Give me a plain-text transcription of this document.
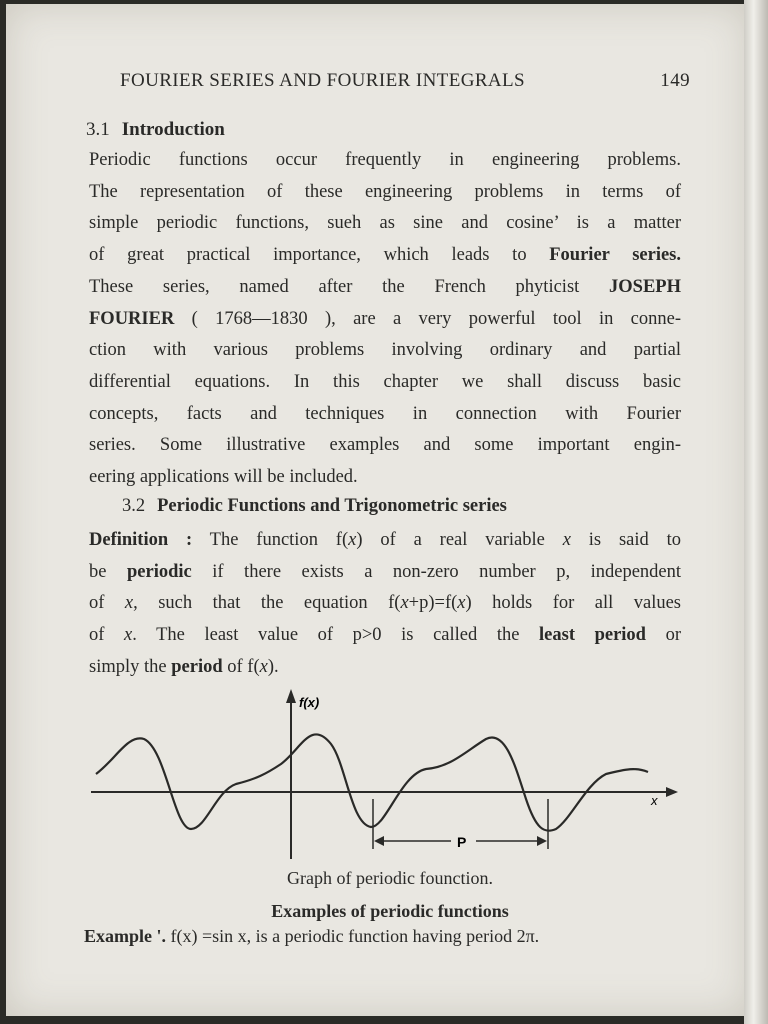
FOURIER SERIES AND FOURIER INTEGRALS	149
3.1 Introduction
Periodic functions occur frequently in engineering problems.
The representation of these engineering problems in terms of
simple periodic functions, sueh as sine and cosine’ is a matter
of great practical importance, which leads to Fourier series.
These series, named after the French phyticist JOSEPH
FOURIER ( 1768—1830 ), are a very powerful tool in conne-
ction with various problems involving ordinary and partial
differential equations. In this chapter we shall discuss basic
concepts, facts and techniques in connection with Fourier
series. Some illustrative examples and some important engin-
eering applications will be included.
3.2 Periodic Functions and Trigonometric series
Definition : The function f(x) of a real variable x is said to
be periodic if there exists a non-zero number p, independent
of x, such that the equation f(x+p)=f(x) holds for all values
of x. The least value of p>0 is called the least period or
simply the period of f(x).
f(x)
x
P
Graph of periodic founction.
Examples of periodic functions
Example '. f(x) =sin x, is a periodic function having period 2π.
